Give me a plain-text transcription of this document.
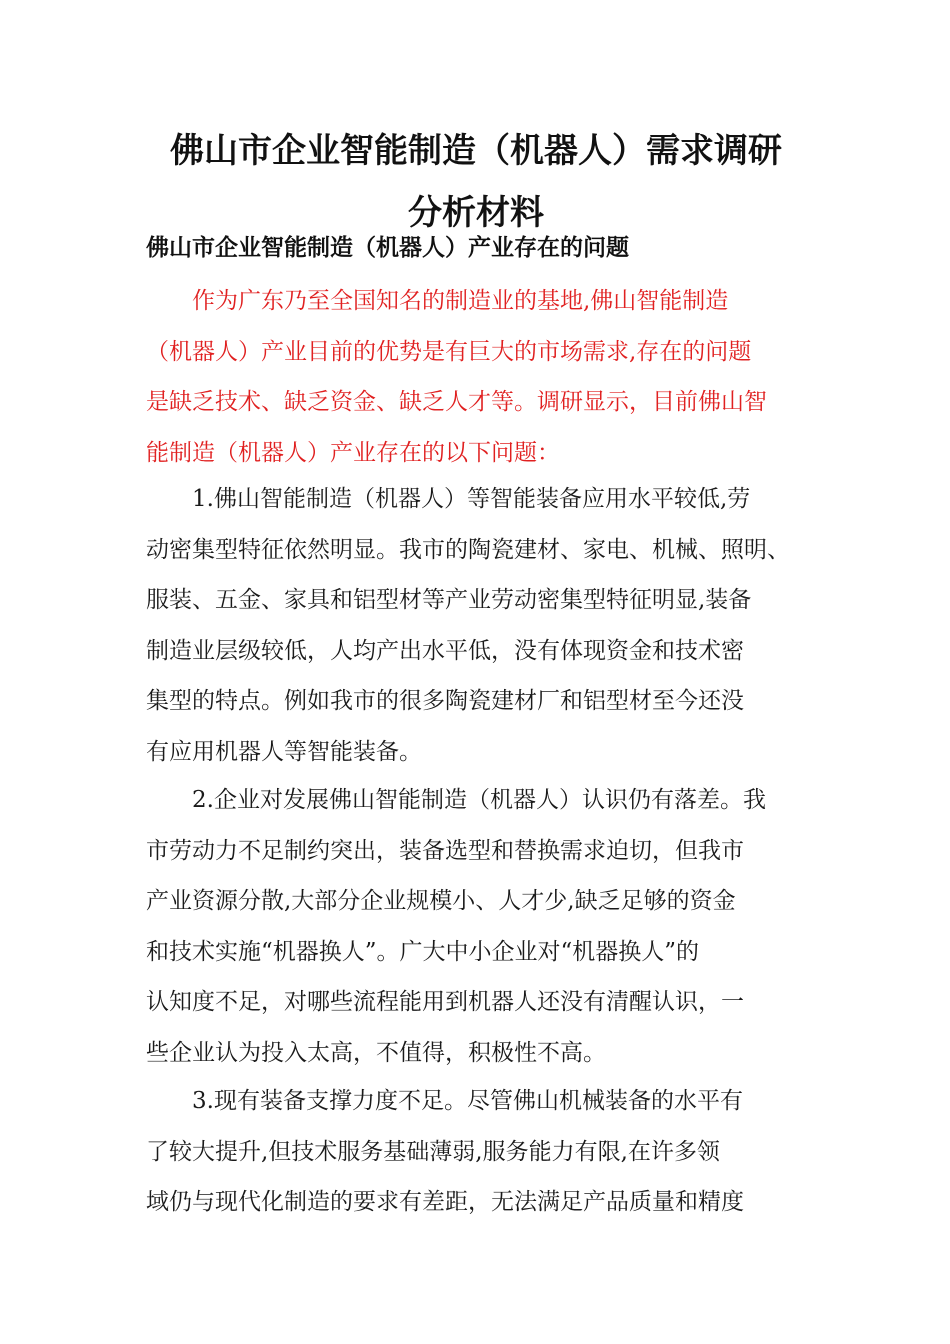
佛山市企业智能制造（机器人）需求调研
分析材料
佛山市企业智能制造（机器人）产业存在的问题

作为广东乃至全国知名的制造业的基地,佛山智能制造
（机器人）产业目前的优势是有巨大的市场需求,存在的问题
是缺乏技术、缺乏资金、缺乏人才等。调研显示，目前佛山智
能制造（机器人）产业存在的以下问题：

1.佛山智能制造（机器人）等智能装备应用水平较低,劳
动密集型特征依然明显。我市的陶瓷建材、家电、机械、照明、
服装、五金、家具和铝型材等产业劳动密集型特征明显,装备
制造业层级较低，人均产出水平低，没有体现资金和技术密
集型的特点。例如我市的很多陶瓷建材厂和铝型材至今还没
有应用机器人等智能装备。

2.企业对发展佛山智能制造（机器人）认识仍有落差。我
市劳动力不足制约突出，装备选型和替换需求迫切，但我市
产业资源分散,大部分企业规模小、人才少,缺乏足够的资金
和技术实施“机器换人”。广大中小企业对“机器换人”的
认知度不足，对哪些流程能用到机器人还没有清醒认识，一
些企业认为投入太高，不值得，积极性不高。

3.现有装备支撑力度不足。尽管佛山机械装备的水平有
了较大提升,但技术服务基础薄弱,服务能力有限,在许多领
域仍与现代化制造的要求有差距，无法满足产品质量和精度
